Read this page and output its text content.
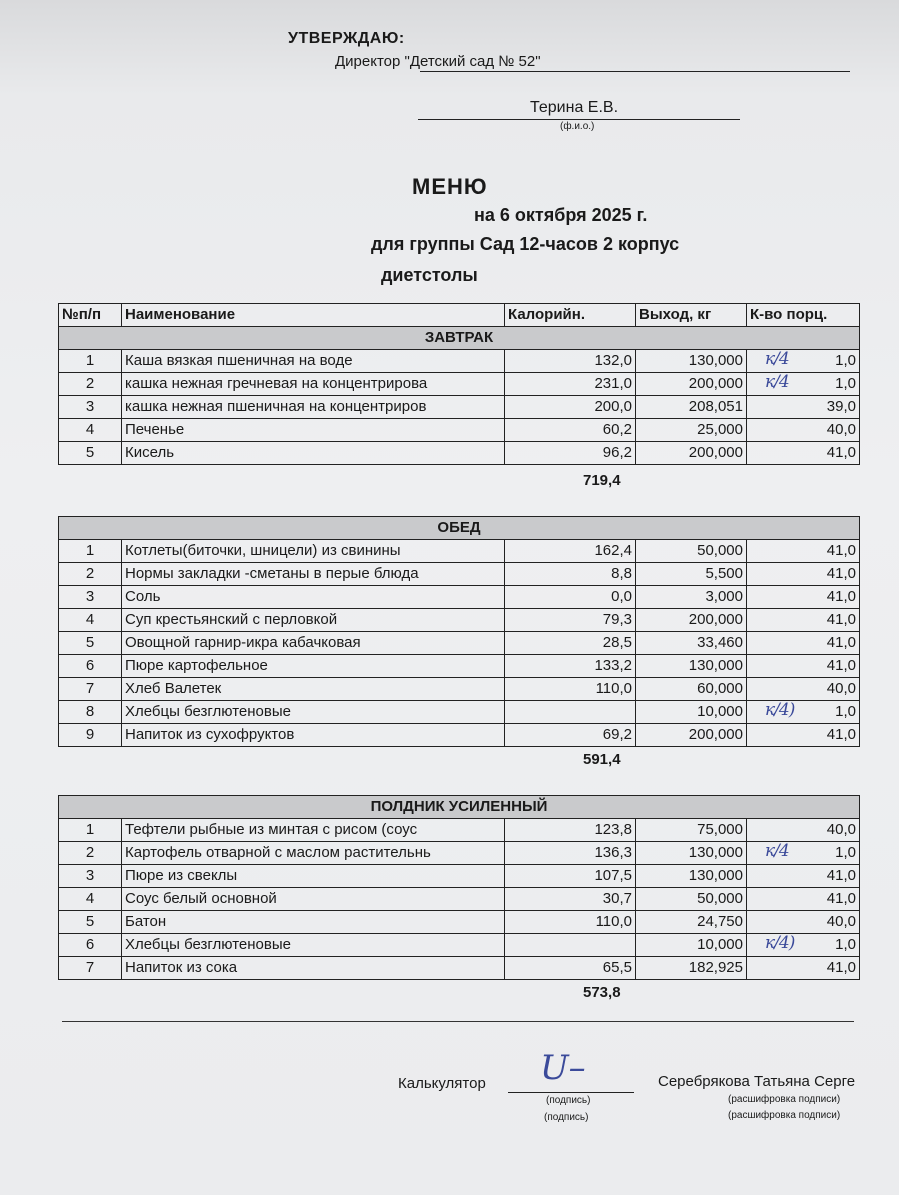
УТВЕРЖДАЮ:
Директор "Детский сад № 52"
Терина Е.В.
(ф.и.о.)
МЕНЮ
на 6 октября 2025 г.
для группы Сад 12-часов 2 корпус
диетстолы
№п/п	Наименование	Калорийн.	Выход, кг	К-во порц.
ЗАВТРАК				
1	Каша вязкая пшеничная на воде	132,0	130,000	1,0
к/4

2	кашка нежная гречневая на концентрирова	231,0	200,000	1,0
к/4

3	кашка нежная пшеничная на концентриров	200,0	208,051	39,0
4	Печенье	60,2	25,000	40,0
5	Кисель	96,2	200,000	41,0
719,4
ОБЕД				
1	Котлеты(биточки, шницели) из свинины	162,4	50,000	41,0
2	Нормы закладки -сметаны в перые блюда	8,8	5,500	41,0
3	Соль	0,0	3,000	41,0
4	Суп крестьянский с перловкой	79,3	200,000	41,0
5	Овощной гарнир-икра кабачковая	28,5	33,460	41,0
6	Пюре картофельное	133,2	130,000	41,0
7	Хлеб Валетек	110,0	60,000	40,0
8	Хлебцы безглютеновые		10,000	1,0
к/4)

9	Напиток из сухофруктов	69,2	200,000	41,0
591,4
ПОЛДНИК УСИЛЕННЫЙ				
1	Тефтели рыбные из минтая с рисом (соус	123,8	75,000	40,0
2	Картофель отварной с маслом растительнь	136,3	130,000	1,0
к/4

3	Пюре из свеклы	107,5	130,000	41,0
4	Соус белый основной	30,7	50,000	41,0
5	Батон	110,0	24,750	40,0
6	Хлебцы безглютеновые		10,000	1,0
к/4)

7	Напиток из сока	65,5	182,925	41,0
573,8
Калькулятор U–
(подпись)
(подпись)
Серебрякова Татьяна Серге
(расшифровка подписи)
(расшифровка подписи)
